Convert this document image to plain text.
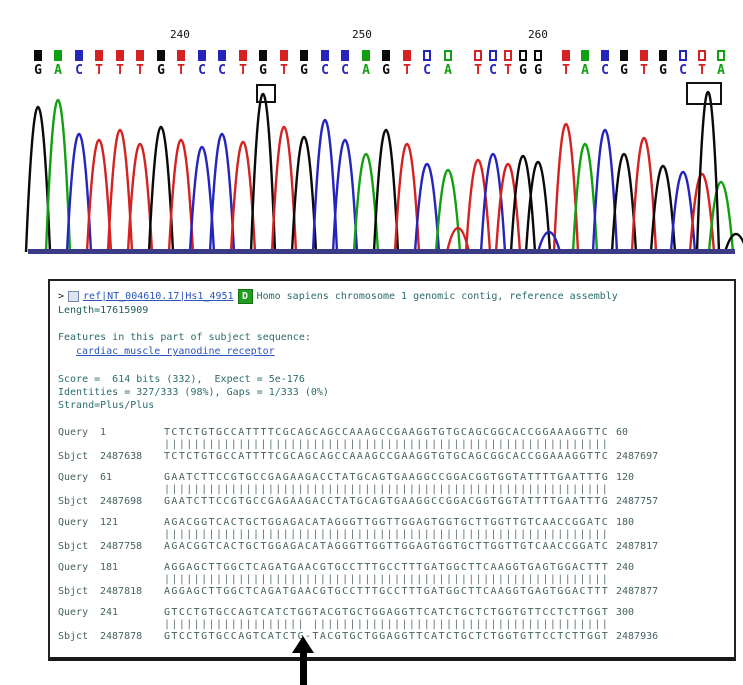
240	250	260
G A C T T T G T C C T G T G C C A G T C A T C T G G T A C G T G C T A
> ref|NT_004610.17|Hs1_4951 D Homo sapiens chromosome 1 genomic contig, reference assembly
Length=17615909
Features in this part of subject sequence:
cardiac muscle ryanodine receptor
Score =  614 bits (332),  Expect = 5e-176
Identities = 327/333 (98%), Gaps = 1/333 (0%)
Strand=Plus/Plus
Query	1	TCTCTGTGCCATTTTCGCAGCAGCCAAAGCCGAAGGTGTGCAGCGGCACCGGAAAGGTTC 60
||||||||||||||||||||||||||||||||||||||||||||||||||||||||||||
Sbjct	2487638	TCTCTGTGCCATTTTCGCAGCAGCCAAAGCCGAAGGTGTGCAGCGGCACCGGAAAGGTTC 2487697
Query	61	GAATCTTCCGTGCCGAGAAGACCTATGCAGTGAAGGCCGGACGGTGGTATTTTGAATTTG 120
||||||||||||||||||||||||||||||||||||||||||||||||||||||||||||
Sbjct	2487698	GAATCTTCCGTGCCGAGAAGACCTATGCAGTGAAGGCCGGACGGTGGTATTTTGAATTTG 2487757
Query	121	AGACGGTCACTGCTGGAGACATAGGGTTGGTTGGAGTGGTGCTTGGTTGTCAACCGGATC 180
||||||||||||||||||||||||||||||||||||||||||||||||||||||||||||
Sbjct	2487758	AGACGGTCACTGCTGGAGACATAGGGTTGGTTGGAGTGGTGCTTGGTTGTCAACCGGATC 2487817
Query	181	AGGAGCTTGGCTCAGATGAACGTGCCTTTGCCTTTGATGGCTTCAAGGTGAGTGGACTTT 240
||||||||||||||||||||||||||||||||||||||||||||||||||||||||||||
Sbjct	2487818	AGGAGCTTGGCTCAGATGAACGTGCCTTTGCCTTTGATGGCTTCAAGGTGAGTGGACTTT 2487877
Query	241	GTCCTGTGCCAGTCATCTGGTACGTGCTGGAGGTTCATCTGCTCTGGTGTTCCTCTTGGT 300
||||||||||||||||||| ||||||||||||||||||||||||||||||||||||||||
Sbjct	2487878	GTCCTGTGCCAGTCATCTG-TACGTGCTGGAGGTTCATCTGCTCTGGTGTTCCTCTTGGT 2487936
